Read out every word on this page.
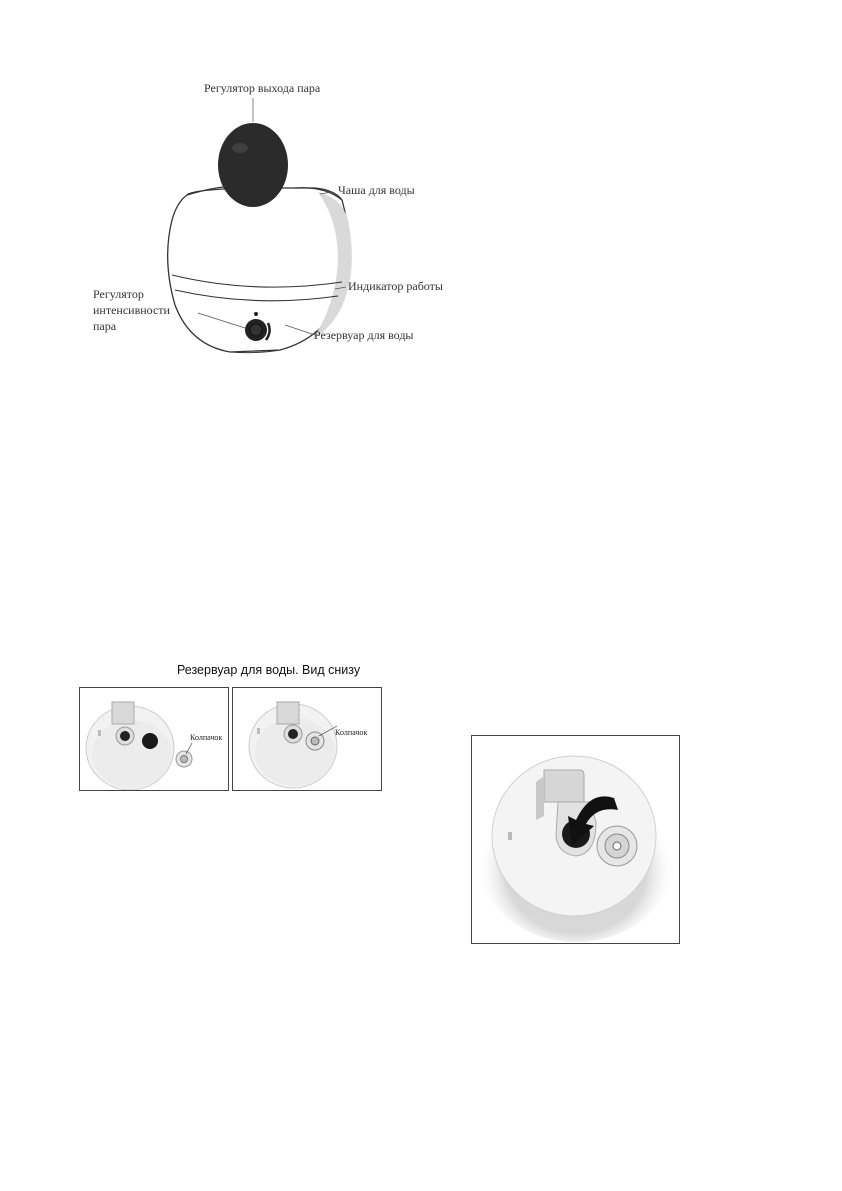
Регулятор выхода пара
Чаша для воды
Индикатор работы
Регулятор
интенсивности
пара
Резервуар для воды
Резервуар для воды. Вид снизу
Колпачок
Колпачок
